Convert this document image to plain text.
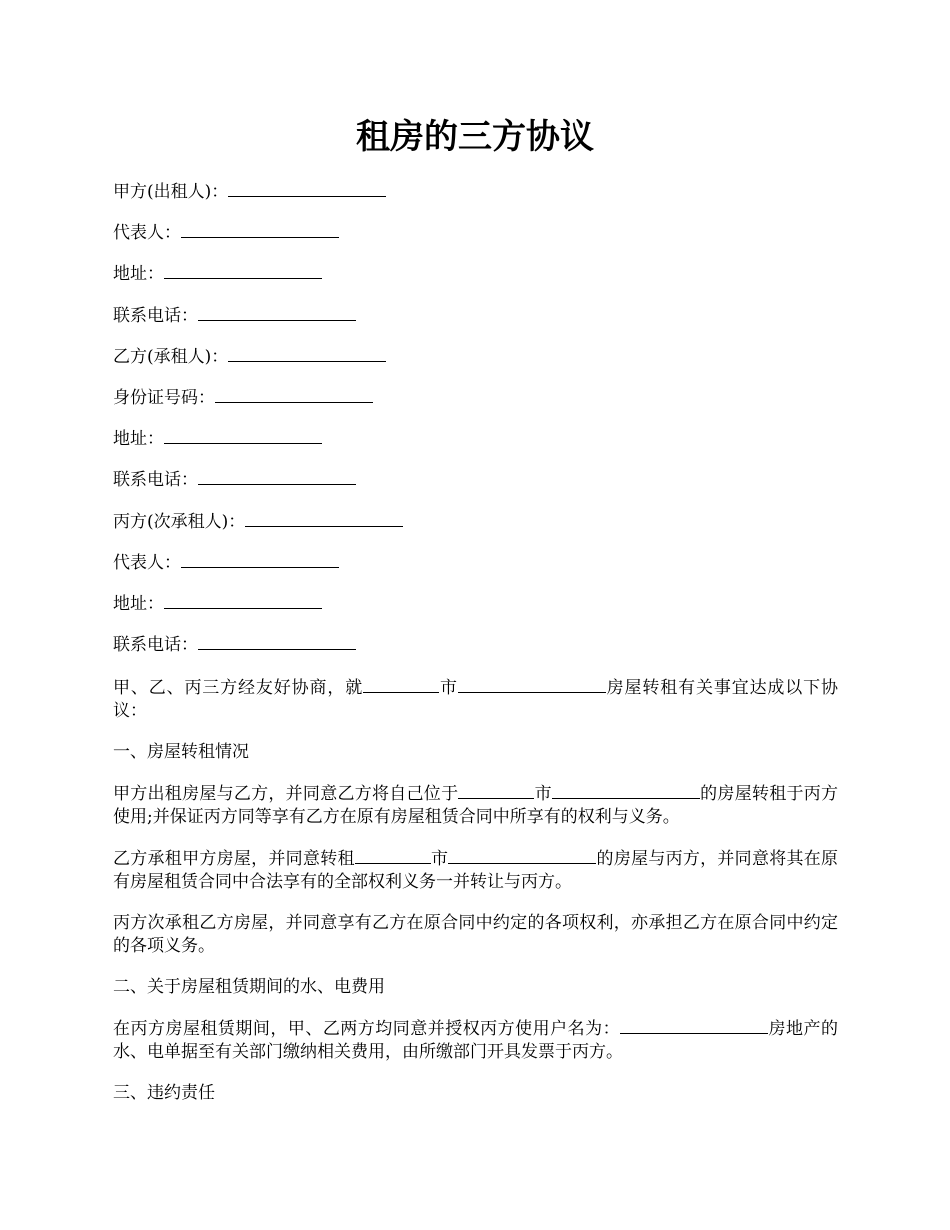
租房的三方协议
甲方(出租人)：
代表人：
地址：
联系电话：
乙方(承租人)：
身份证号码：
地址：
联系电话：
丙方(次承租人)：
代表人：
地址：
联系电话：

甲、乙、丙三方经友好协商，就	市	房屋转租有关事宜达成以下协议：

一、房屋转租情况

甲方出租房屋与乙方，并同意乙方将自己位于	市	的房屋转租于丙方使用;并保证丙方同等享有乙方在原有房屋租赁合同中所享有的权利与义务。

乙方承租甲方房屋，并同意转租	市	的房屋与丙方，并同意将其在原有房屋租赁合同中合法享有的全部权利义务一并转让与丙方。

丙方次承租乙方房屋，并同意享有乙方在原合同中约定的各项权利，亦承担乙方在原合同中约定的各项义务。

二、关于房屋租赁期间的水、电费用

在丙方房屋租赁期间，甲、乙两方均同意并授权丙方使用户名为：	房地产的水、电单据至有关部门缴纳相关费用，由所缴部门开具发票于丙方。

三、违约责任
